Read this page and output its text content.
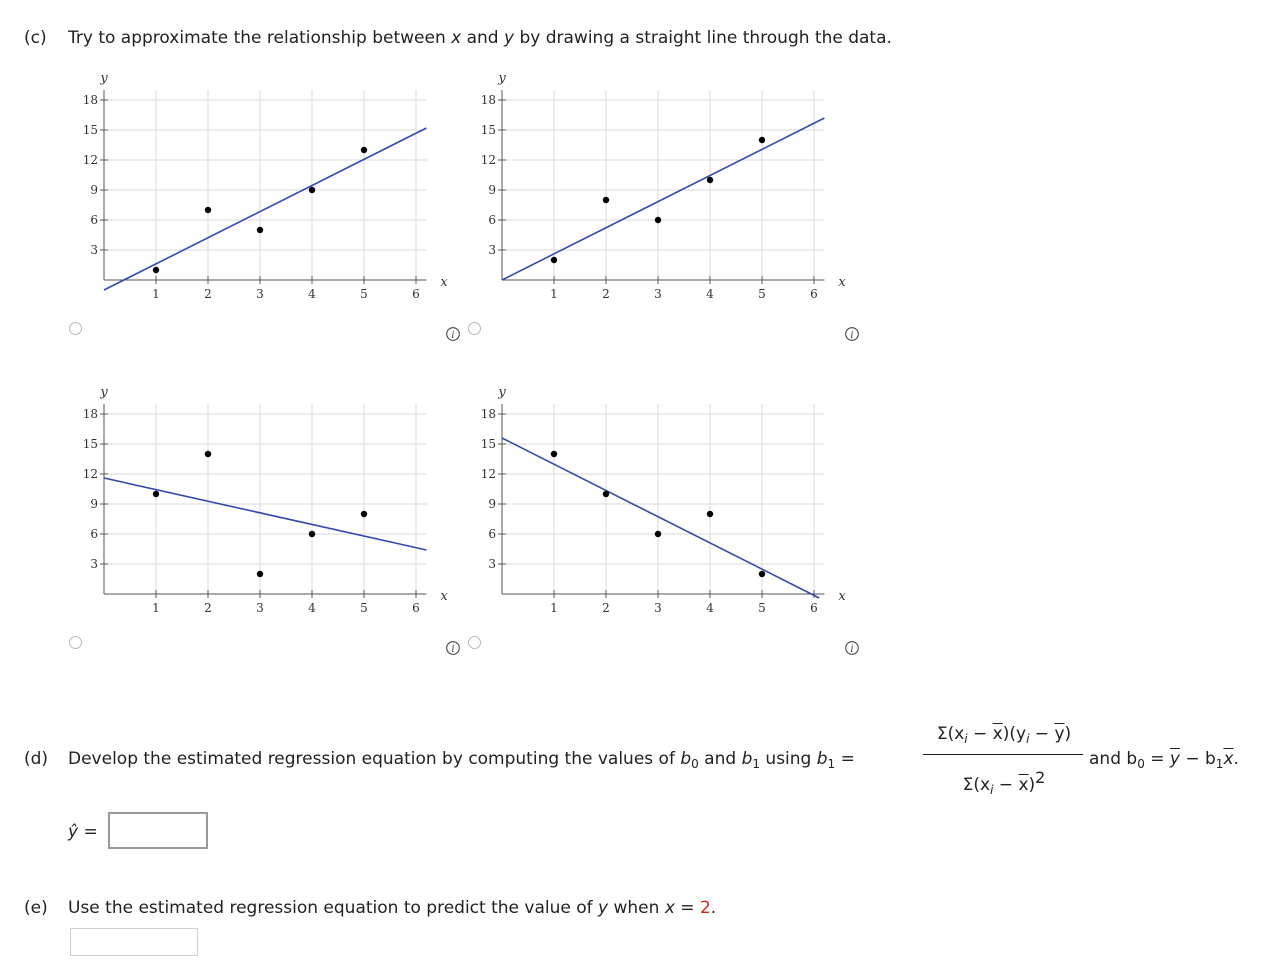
(c) Try to approximate the relationship between x and y by drawing a straight line through the data.
1	2	3	4	5	6
3
6
9
12
15
18
x
y
i
1	2	3	4	5	6
3
6
9
12
15
18
x
y
i
1	2	3	4	5	6
3
6
9
12
15
18
x
y
i
1	2	3	4	5	6
3
6
9
12
15
18
x
y
i
(d) Develop the estimated regression equation by computing the values of $b_0$ and $b_1$ using $b_1$ =
$\Sigma(x_i - \overline{x})(y_i - \overline{y})$
$\Sigma(x_i - \overline{x})2$
and $b_0 = \overline{y} - b_1\overline{x}$.
ŷ =
(e) Use the estimated regression equation to predict the value of y when x = 2.
